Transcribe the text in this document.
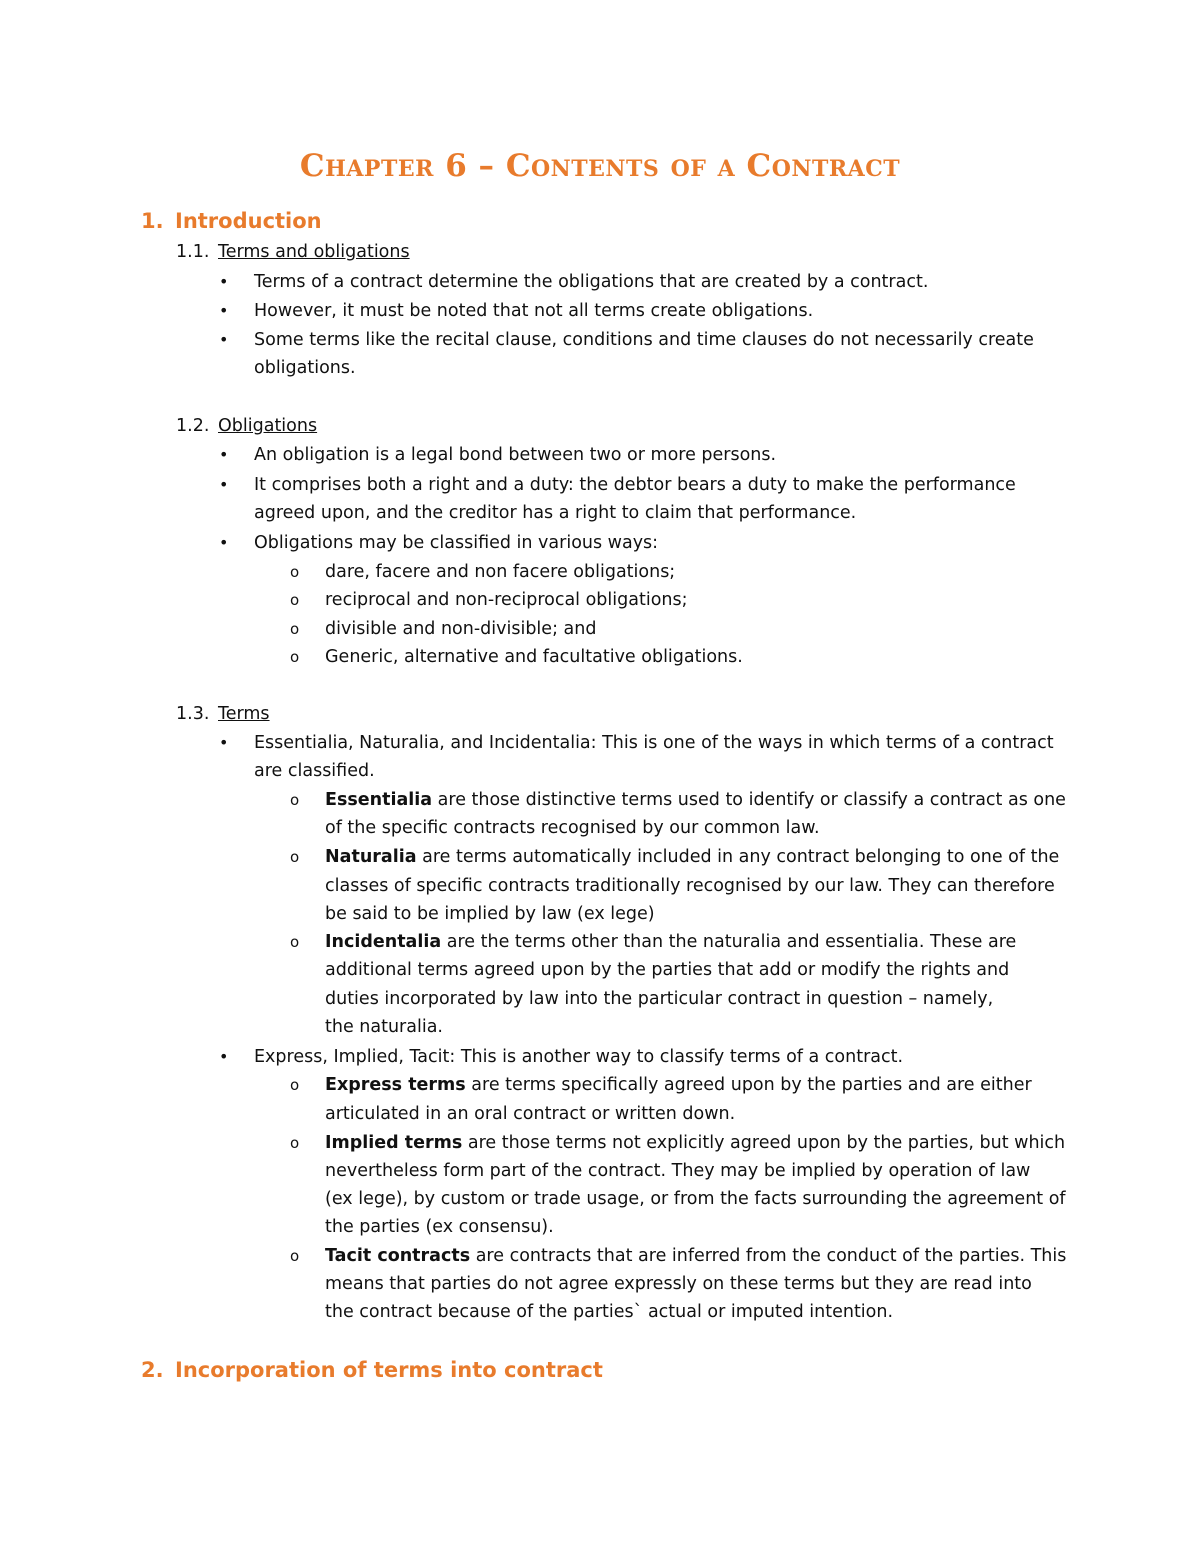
Chapter 6 – Contents of a Contract
1. Introduction
1.1. Terms and obligations
• Terms of a contract determine the obligations that are created by a contract.
• However, it must be noted that not all terms create obligations.
• Some terms like the recital clause, conditions and time clauses do not necessarily create
obligations.
1.2. Obligations
• An obligation is a legal bond between two or more persons.
• It comprises both a right and a duty: the debtor bears a duty to make the performance
agreed upon, and the creditor has a right to claim that performance.
• Obligations may be classified in various ways:
o dare, facere and non facere obligations;
o reciprocal and non-reciprocal obligations;
o divisible and non-divisible; and
o Generic, alternative and facultative obligations.
1.3. Terms
• Essentialia, Naturalia, and Incidentalia: This is one of the ways in which terms of a contract
are classified.
o Essentialia are those distinctive terms used to identify or classify a contract as one
of the specific contracts recognised by our common law.
o Naturalia are terms automatically included in any contract belonging to one of the
classes of specific contracts traditionally recognised by our law. They can therefore
be said to be implied by law (ex lege)
o Incidentalia are the terms other than the naturalia and essentialia. These are
additional terms agreed upon by the parties that add or modify the rights and
duties incorporated by law into the particular contract in question – namely,
the naturalia.
• Express, Implied, Tacit: This is another way to classify terms of a contract.
o Express terms are terms specifically agreed upon by the parties and are either
articulated in an oral contract or written down.
o Implied terms are those terms not explicitly agreed upon by the parties, but which
nevertheless form part of the contract. They may be implied by operation of law
(ex lege), by custom or trade usage, or from the facts surrounding the agreement of
the parties (ex consensu).
o Tacit contracts are contracts that are inferred from the conduct of the parties. This
means that parties do not agree expressly on these terms but they are read into
the contract because of the parties` actual or imputed intention.
2. Incorporation of terms into contract
